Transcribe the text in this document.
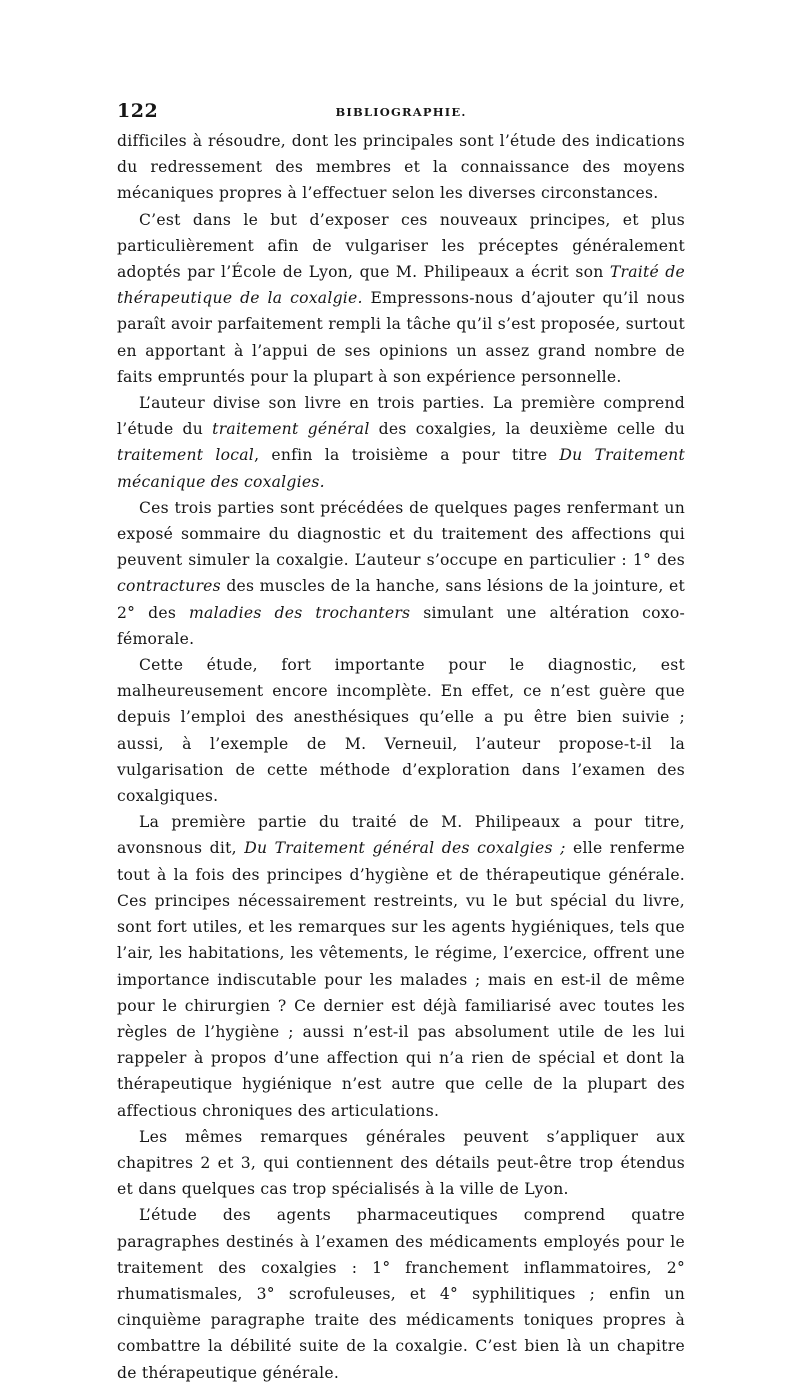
122	BIBLIOGRAPHIE.

difficiles à résoudre, dont les principales sont l’étude des indications du redressement des membres et la connaissance des moyens mécaniques propres à l’effectuer selon les diverses circonstances.

C’est dans le but d’exposer ces nouveaux principes, et plus particulièrement afin de vulgariser les préceptes généralement adoptés par l’École de Lyon, que M. Philipeaux a écrit son Traité de thérapeutique de la coxalgie. Empressons-nous d’ajouter qu’il nous paraît avoir parfaitement rempli la tâche qu’il s’est proposée, surtout en apportant à l’appui de ses opinions un assez grand nombre de faits empruntés pour la plupart à son expérience personnelle.

L’auteur divise son livre en trois parties. La première comprend l’étude du traitement général des coxalgies, la deuxième celle du traitement local, enfin la troisième a pour titre Du Traitement mécanique des coxalgies.

Ces trois parties sont précédées de quelques pages renfermant un exposé sommaire du diagnostic et du traitement des affections qui peuvent simuler la coxalgie. L’auteur s’occupe en particulier : 1° des contractures des muscles de la hanche, sans lésions de la jointure, et 2° des maladies des trochanters simulant une altération coxo-fémorale.

Cette étude, fort importante pour le diagnostic, est malheureusement encore incomplète. En effet, ce n’est guère que depuis l’emploi des anesthésiques qu’elle a pu être bien suivie ; aussi, à l’exemple de M. Verneuil, l’auteur propose-t-il la vulgarisation de cette méthode d’exploration dans l’examen des coxalgiques.

La première partie du traité de M. Philipeaux a pour titre, avonsnous dit, Du Traitement général des coxalgies ; elle renferme tout à la fois des principes d’hygiène et de thérapeutique générale. Ces principes nécessairement restreints, vu le but spécial du livre, sont fort utiles, et les remarques sur les agents hygiéniques, tels que l’air, les habitations, les vêtements, le régime, l’exercice, offrent une importance indiscutable pour les malades ; mais en est-il de même pour le chirurgien ? Ce dernier est déjà familiarisé avec toutes les règles de l’hygiène ; aussi n’est-il pas absolument utile de les lui rappeler à propos d’une affection qui n’a rien de spécial et dont la thérapeutique hygiénique n’est autre que celle de la plupart des affectious chroniques des articulations.

Les mêmes remarques générales peuvent s’appliquer aux chapitres 2 et 3, qui contiennent des détails peut-être trop étendus et dans quelques cas trop spécialisés à la ville de Lyon.

L’étude des agents pharmaceutiques comprend quatre paragraphes destinés à l’examen des médicaments employés pour le traitement des coxalgies : 1° franchement inflammatoires, 2° rhumatismales, 3° scrofuleuses, et 4° syphilitiques ; enfin un cinquième paragraphe traite des médicaments toniques propres à combattre la débilité suite de la coxalgie. C’est bien là un chapitre de thérapeutique générale.
